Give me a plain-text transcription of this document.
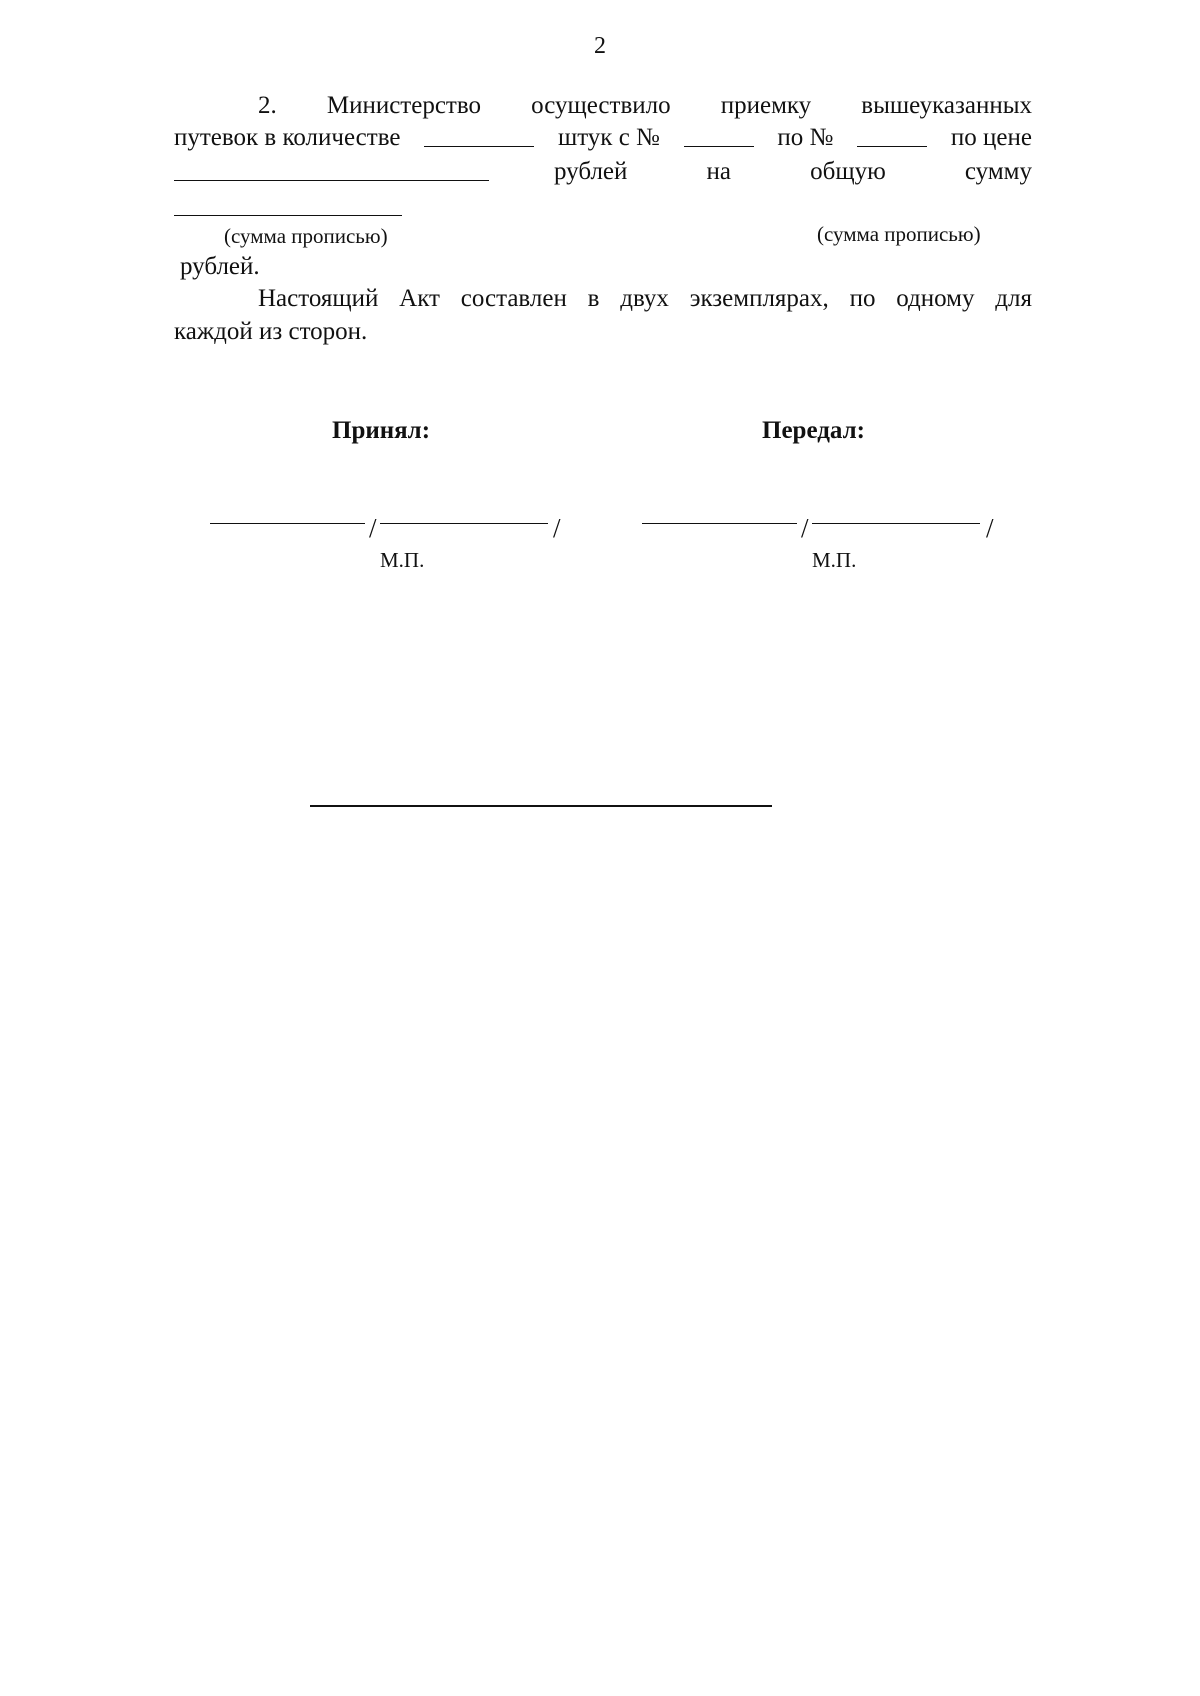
2
2. Министерство осуществило приемку вышеуказанных
путевок в количестве	штук с №	по №	по цене
рублей	на	общую	сумму
(сумма прописью)	(сумма прописью)
рублей.
Настоящий Акт составлен в двух экземплярах, по одному для
каждой из сторон.
Принял:	Передал:
/	/
М.П.
/	/
М.П.
